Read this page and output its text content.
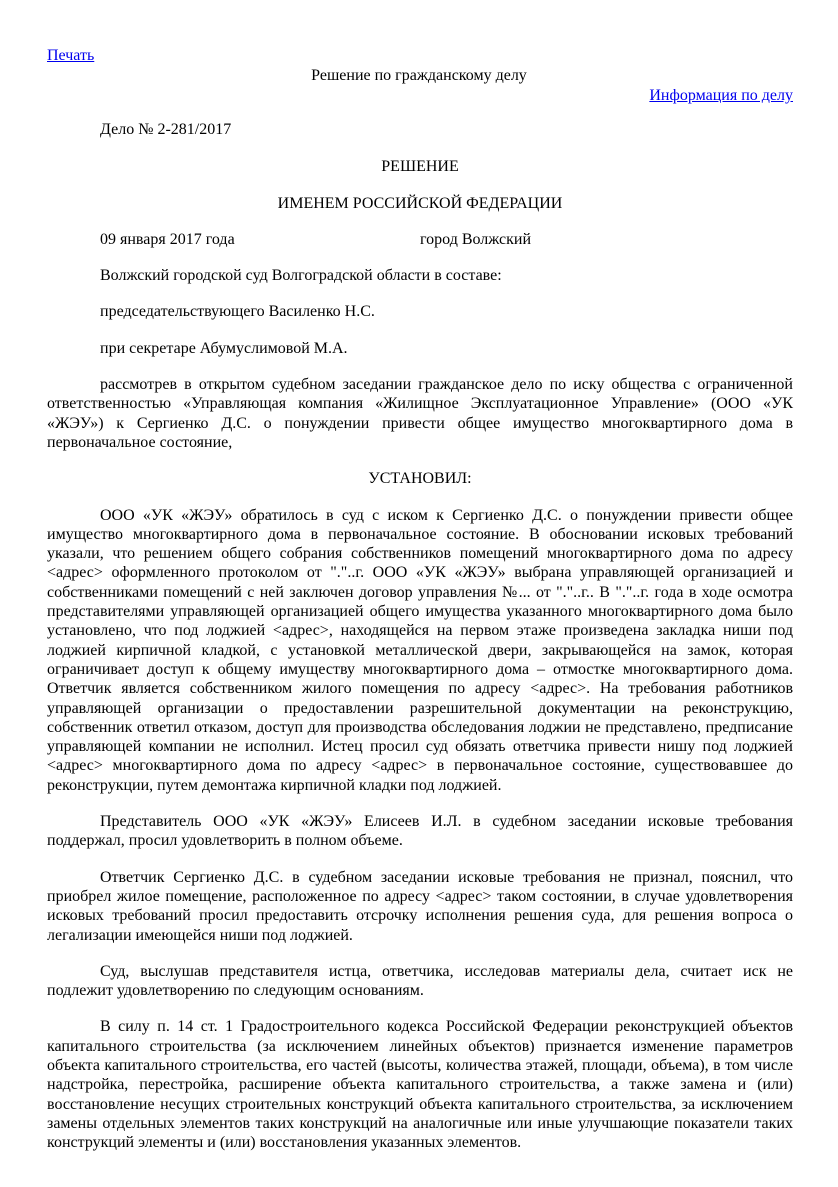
Печать
Решение по гражданскому делу
Информация по делу

Дело № 2-281/2017

РЕШЕНИЕ

ИМЕНЕМ РОССИЙСКОЙ ФЕДЕРАЦИИ

09 января 2017 года	город Волжский

Волжский городской суд Волгоградской области в составе:

председательствующего Василенко Н.С.

при секретаре Абумуслимовой М.А.

рассмотрев в открытом судебном заседании гражданское дело по иску общества с ограниченной ответственностью «Управляющая компания «Жилищное Эксплуатационное Управление» (ООО «УК «ЖЭУ») к Сергиенко Д.С. о понуждении привести общее имущество многоквартирного дома в первоначальное состояние,

УСТАНОВИЛ:

ООО «УК «ЖЭУ» обратилось в суд с иском к Сергиенко Д.С. о понуждении привести общее имущество многоквартирного дома в первоначальное состояние. В обосновании исковых требований указали, что решением общего собрания собственников помещений многоквартирного дома по адресу <адрес> оформленного протоколом от "."..г. ООО «УК «ЖЭУ» выбрана управляющей организацией и собственниками помещений с ней заключен договор управления №... от "."..г.. В "."..г. года в ходе осмотра представителями управляющей организацией общего имущества указанного многоквартирного дома было установлено, что под лоджией <адрес>, находящейся на первом этаже произведена закладка ниши под лоджией кирпичной кладкой, с установкой металлической двери, закрывающейся на замок, которая ограничивает доступ к общему имуществу многоквартирного дома – отмостке многоквартирного дома. Ответчик является собственником жилого помещения по адресу <адрес>. На требования работников управляющей организации о предоставлении разрешительной документации на реконструкцию, собственник ответил отказом, доступ для производства обследования лоджии не представлено, предписание управляющей компании не исполнил. Истец просил суд обязать ответчика привести нишу под лоджией <адрес> многоквартирного дома по адресу <адрес> в первоначальное состояние, существовавшее до реконструкции, путем демонтажа кирпичной кладки под лоджией.

Представитель ООО «УК «ЖЭУ» Елисеев И.Л. в судебном заседании исковые требования поддержал, просил удовлетворить в полном объеме.

Ответчик Сергиенко Д.С. в судебном заседании исковые требования не признал, пояснил, что приобрел жилое помещение, расположенное по адресу <адрес> таком состоянии, в случае удовлетворения исковых требований просил предоставить отсрочку исполнения решения суда, для решения вопроса о легализации имеющейся ниши под лоджией.

Суд, выслушав представителя истца, ответчика, исследовав материалы дела, считает иск не подлежит удовлетворению по следующим основаниям.

В силу п. 14 ст. 1 Градостроительного кодекса Российской Федерации реконструкцией объектов капитального строительства (за исключением линейных объектов) признается изменение параметров объекта капитального строительства, его частей (высоты, количества этажей, площади, объема), в том числе надстройка, перестройка, расширение объекта капитального строительства, а также замена и (или) восстановление несущих строительных конструкций объекта капитального строительства, за исключением замены отдельных элементов таких конструкций на аналогичные или иные улучшающие показатели таких конструкций элементы и (или) восстановления указанных элементов.
